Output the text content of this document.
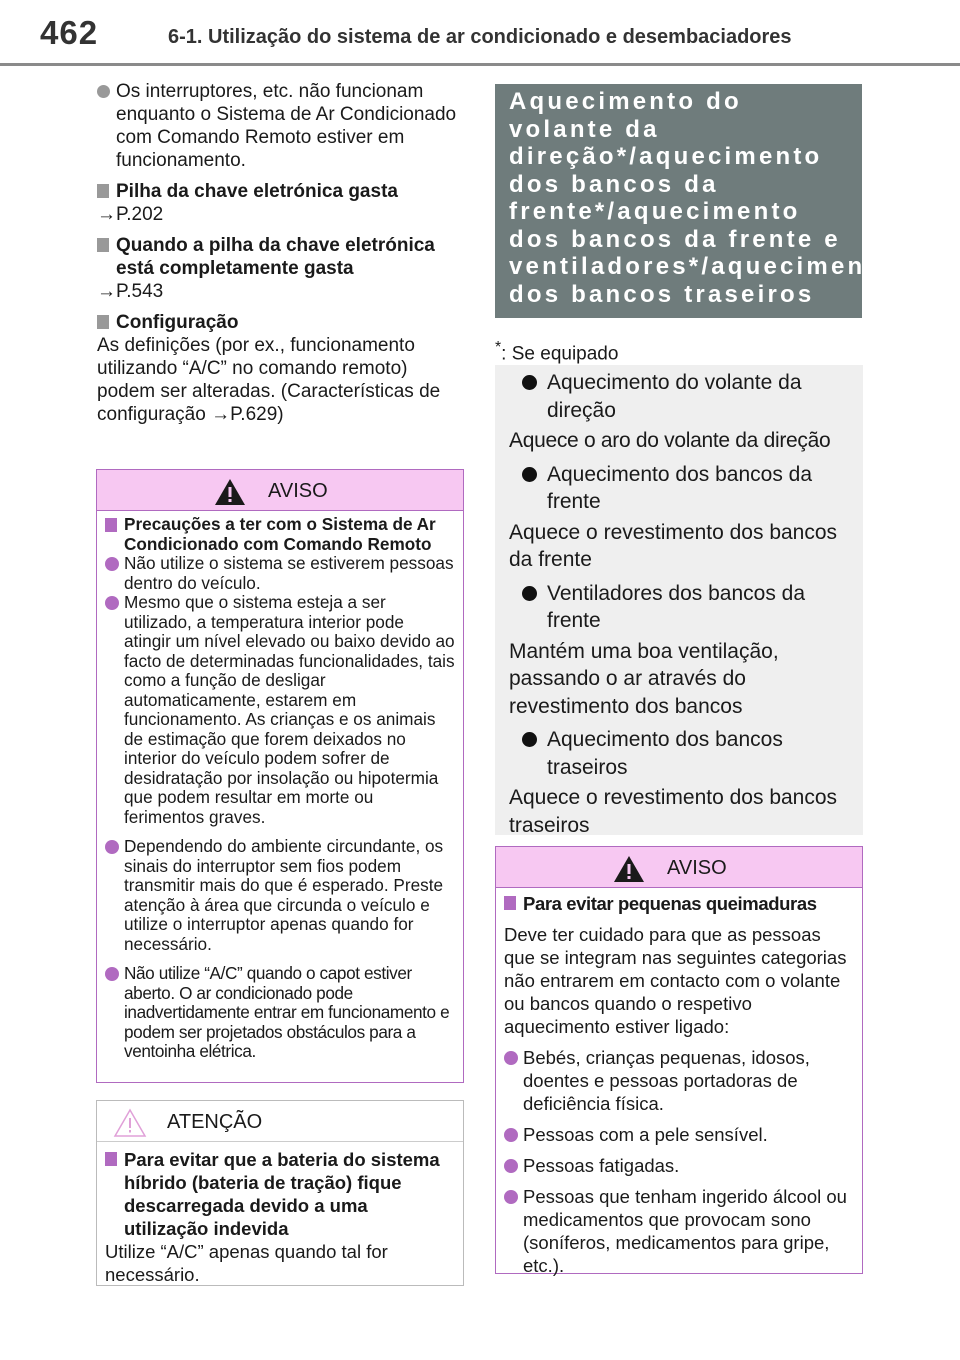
462	6-1. Utilização do sistema de ar condicionado e desembaciadores

Os interruptores, etc. não funcionam enquanto o Sistema de Ar Condicionado com Comando Remoto estiver em funcionamento.

Pilha da chave eletrónica gasta

→P.202

Quando a pilha da chave eletrónica está completamente gasta

→P.543

Configuração

As definições (por ex., funcionamento utilizando “A/C” no comando remoto) podem ser alteradas. (Características de configuração →P.629)

AVISO

Precauções a ter com o Sistema de Ar Condicionado com Comando Remoto

Não utilize o sistema se estiverem pessoas dentro do veículo.

Mesmo que o sistema esteja a ser utilizado, a temperatura interior pode atingir um nível elevado ou baixo devido ao facto de determinadas funcionalidades, tais como a função de desligar automaticamente, estarem em funcionamento. As crianças e os animais de estimação que forem deixados no interior do veículo podem sofrer de desidratação por insolação ou hipotermia que podem resultar em morte ou ferimentos graves.

Dependendo do ambiente circundante, os sinais do interruptor sem fios podem transmitir mais do que é esperado. Preste atenção à área que circunda o veículo e utilize o interruptor apenas quando for necessário.

Não utilize “A/C” quando o capot estiver aberto. O ar condicionado pode inadvertidamente entrar em funcionamento e podem ser projetados obstáculos para a ventoinha elétrica.

ATENÇÃO

Para evitar que a bateria do sistema híbrido (bateria de tração) fique descarregada devido a uma utilização indevida

Utilize “A/C” apenas quando tal for necessário.

Aquecimento do volante da direção*/aquecimento dos bancos da frente*/aquecimento dos bancos da frente e ventiladores*/aquecimento dos bancos traseiros
*: Se equipado

Aquecimento do volante da direção

Aquece o aro do volante da direção

Aquecimento dos bancos da frente

Aquece o revestimento dos bancos da frente

Ventiladores dos bancos da frente

Mantém uma boa ventilação, passando o ar através do revestimento dos bancos

Aquecimento dos bancos traseiros

Aquece o revestimento dos bancos traseiros

AVISO

Para evitar pequenas queimaduras

Deve ter cuidado para que as pessoas que se integram nas seguintes categorias não entrarem em contacto com o volante ou bancos quando o respetivo aquecimento estiver ligado:

Bebés, crianças pequenas, idosos, doentes e pessoas portadoras de deficiência física.

Pessoas com a pele sensível.

Pessoas fatigadas.

Pessoas que tenham ingerido álcool ou medicamentos que provocam sono (soníferos, medicamentos para gripe, etc.).
